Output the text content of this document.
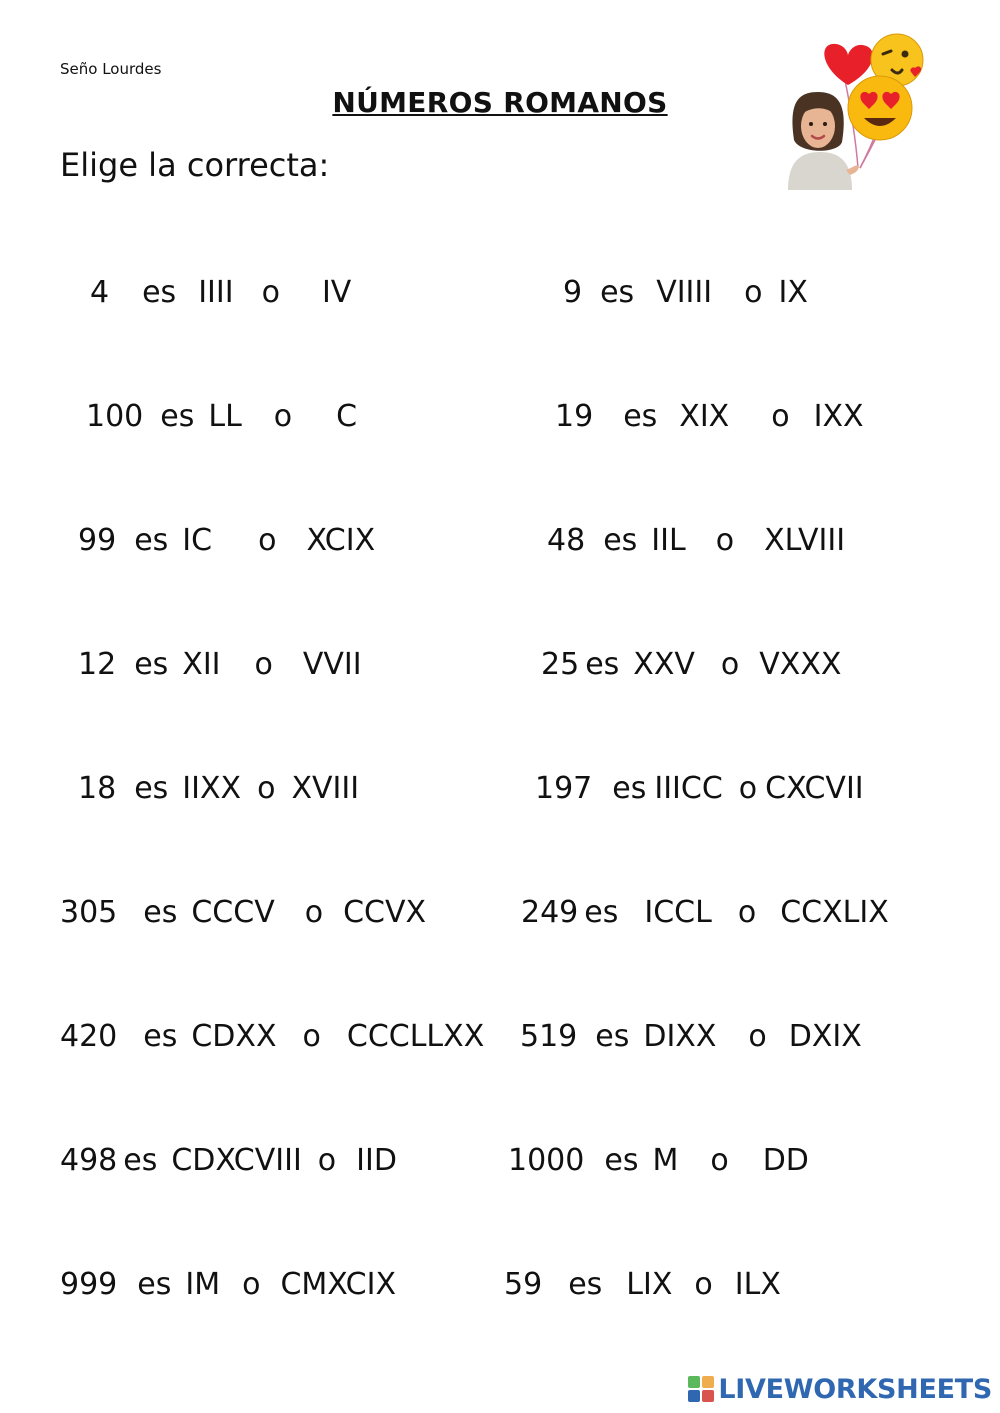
Seño Lourdes
NÚMEROS ROMANOS
Elige la correcta:
4 es IIII o IV	9 es VIIII o IX
100 es LL o C	19 es XIX o IXX
99 es IC o XCIX	48 es IIL o XLVIII
12 es XII o VVII	25 es XXV o VXXX
18 es IIXX o XVIII	197 es IIICC o CXCVII
305 es CCCV o CCVX	249 es ICCL o CCXLIX
420 es CDXX o CCCLLXX 519 es DIXX o DXIX
498 es CDXCVIII o IID	1000 es M o DD
999 es IM o CMXCIX	59 es LIX o ILX
LIVEWORKSHEETS
